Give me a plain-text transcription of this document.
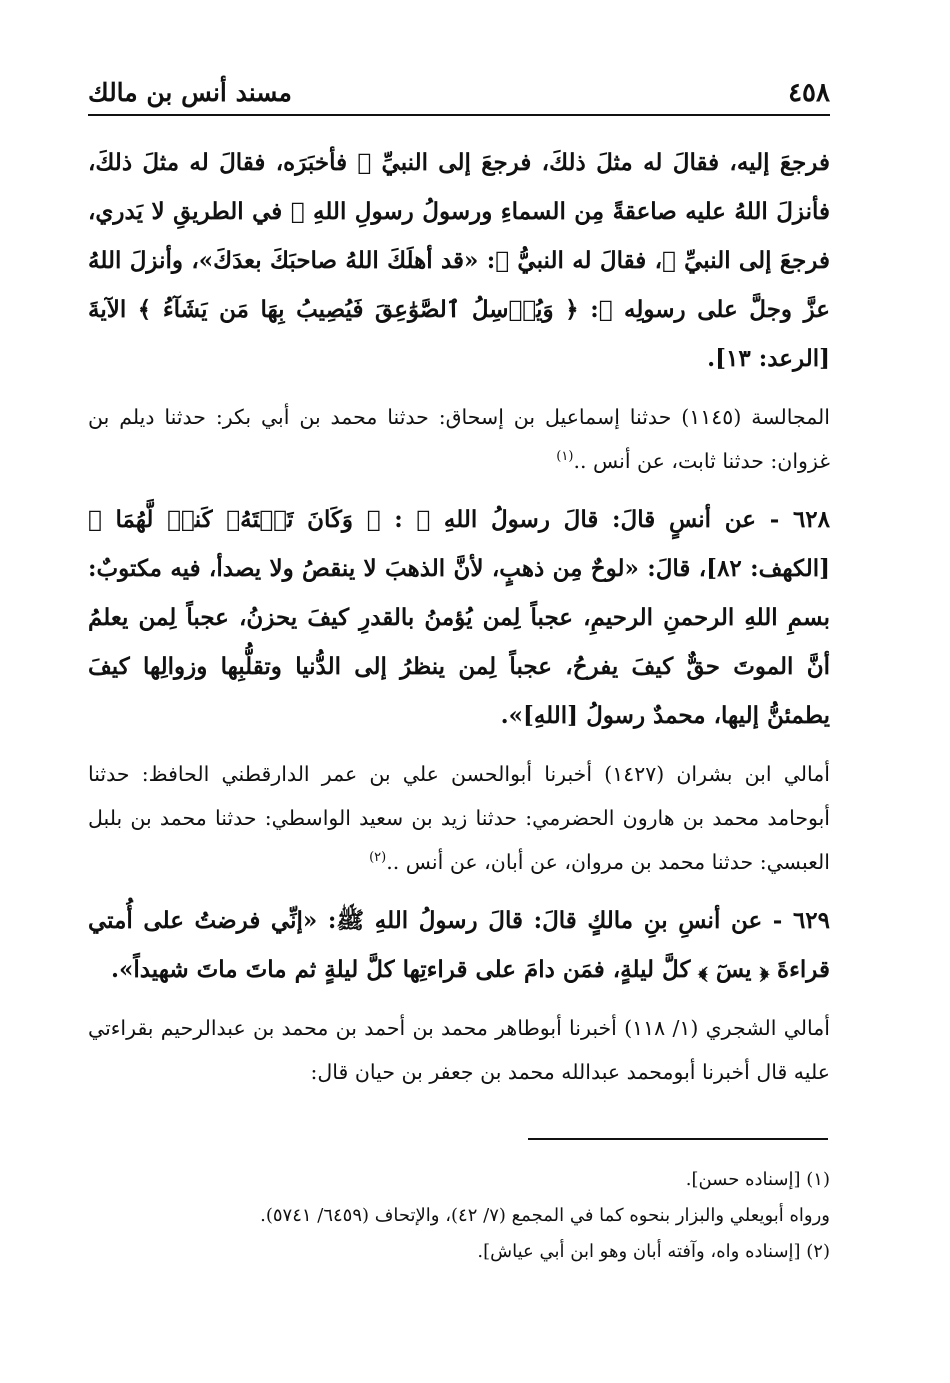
٤٥٨
مسند أنس بن مالك

فرجعَ إليه، فقالَ له مثلَ ذلكَ، فرجعَ إلى النبيِّ ﷺ فأخبَرَه، فقالَ له مثلَ ذلكَ، فأنزلَ اللهُ عليه صاعقةً مِن السماءِ ورسولُ رسولِ اللهِ ﷺ في الطريقِ لا يَدري، فرجعَ إلى النبيِّ ﷺ، فقالَ له النبيُّ ﷺ: «قد أهلَكَ اللهُ صاحبَكَ بعدَكَ»، وأنزلَ اللهُ عزَّ وجلَّ على رسولِه ﷺ: ﴿ وَيُرۡسِلُ ٱلصَّوَٰعِقَ فَيُصِيبُ بِهَا مَن يَشَآءُ ﴾ الآيةَ [الرعد: ١٣].

المجالسة (١١٤٥) حدثنا إسماعيل بن إسحاق: حدثنا محمد بن أبي بكر: حدثنا ديلم بن غزوان: حدثنا ثابت، عن أنس ..$^{(١)}$

٦٢٨ - عن أنسٍ قالَ: قالَ رسولُ اللهِ ﷺ : ﴿ وَكَانَ تَحۡتَهُۥ كَنزٞ لَّهُمَا ﴾ [الكهف: ٨٢]، قالَ: «لوحٌ مِن ذهبٍ، لأنَّ الذهبَ لا ينقصُ ولا يصدأ، فيه مكتوبٌ: بسمِ اللهِ الرحمنِ الرحيمِ، عجباً لِمن يُؤمنُ بالقدرِ كيفَ يحزنُ، عجباً لِمن يعلمُ أنَّ الموتَ حقٌّ كيفَ يفرحُ، عجباً لِمن ينظرُ إلى الدُّنيا وتقلُّبِها وزوالِها كيفَ يطمئنُّ إليها، محمدٌ رسولُ [اللهِ]».

أمالي ابن بشران (١٤٢٧) أخبرنا أبوالحسن علي بن عمر الدارقطني الحافظ: حدثنا أبوحامد محمد بن هارون الحضرمي: حدثنا زيد بن سعيد الواسطي: حدثنا محمد بن بلبل العبسي: حدثنا محمد بن مروان، عن أبان، عن أنس ..$^{(٢)}$

٦٢٩ - عن أنسِ بنِ مالكٍ قالَ: قالَ رسولُ اللهِ ﷺ: «إنِّي فرضتُ على أُمتي قراءةَ ﴿ يسٓ ﴾ كلَّ ليلةٍ، فمَن دامَ على قراءتِها كلَّ ليلةٍ ثم ماتَ ماتَ شهيداً».

أمالي الشجري (١/ ١١٨) أخبرنا أبوطاهر محمد بن أحمد بن محمد بن عبدالرحيم بقراءتي عليه قال أخبرنا أبومحمد عبدالله محمد بن جعفر بن حيان قال:

(١) [إسناده حسن].

ورواه أبويعلي والبزار بنحوه كما في المجمع (٧/ ٤٢)، والإتحاف (٦٤٥٩/ ٥٧٤١).

(٢) [إسناده واه، وآفته أبان وهو ابن أبي عياش].
